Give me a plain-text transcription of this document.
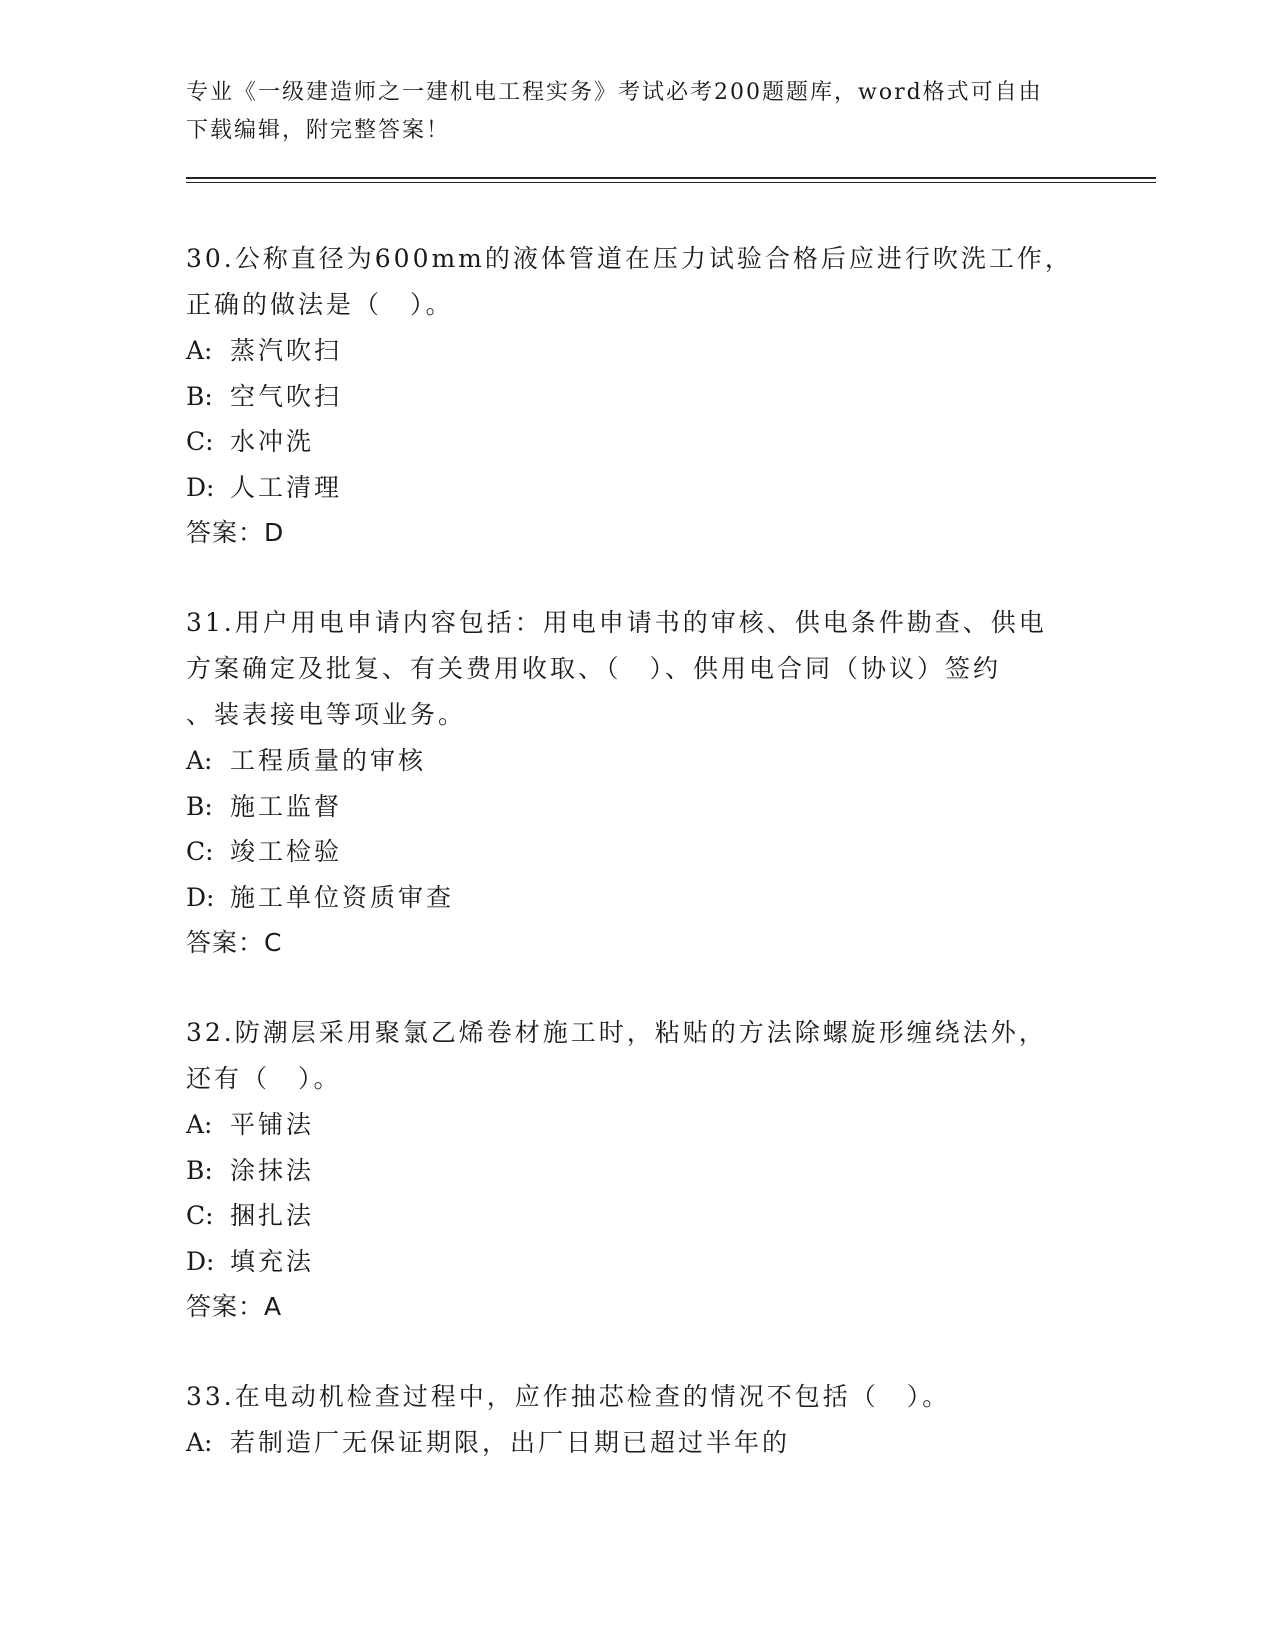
专业《一级建造师之一建机电工程实务》考试必考200题题库，word格式可自由
下载编辑，附完整答案！

30.公称直径为600mm的液体管道在压力试验合格后应进行吹洗工作，

正确的做法是（　）。

A: 蒸汽吹扫

B: 空气吹扫

C: 水冲洗

D: 人工清理

答案：D

31.用户用电申请内容包括：用电申请书的审核、供电条件勘查、供电

方案确定及批复、有关费用收取、（　）、供用电合同（协议）签约

、装表接电等项业务。

A: 工程质量的审核

B: 施工监督

C: 竣工检验

D: 施工单位资质审查

答案：C

32.防潮层采用聚氯乙烯卷材施工时，粘贴的方法除螺旋形缠绕法外，

还有（　）。

A: 平铺法

B: 涂抹法

C: 捆扎法

D: 填充法

答案：A

33.在电动机检查过程中，应作抽芯检查的情况不包括（　）。

A: 若制造厂无保证期限，出厂日期已超过半年的
